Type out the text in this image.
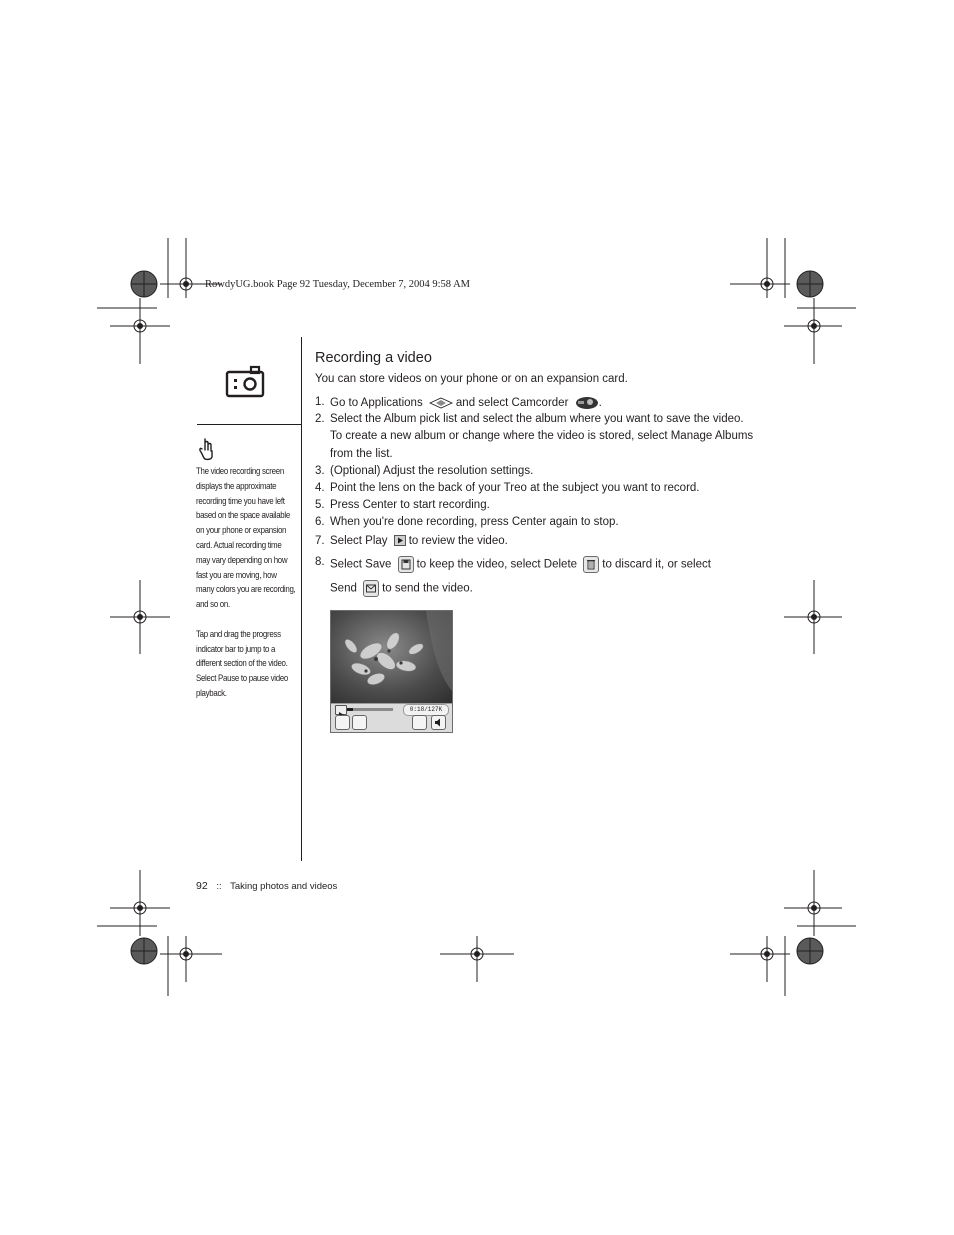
RowdyUG.book Page 92 Tuesday, December 7, 2004 9:58 AM

The video recording screen displays the approximate recording time you have left based on the space available on your phone or expansion card. Actual recording time may vary depending on how fast you are moving, how many colors you are recording, and so on.

Tap and drag the progress indicator bar to jump to a different section of the video. Select Pause to pause video playback.

Recording a video
You can store videos on your phone or on an expansion card.
1. Go to Applications	and select Camcorder	.
2. Select the Album pick list and select the album where you want to save the video.
To create a new album or change where the video is stored, select Manage Albums
from the list.
3. (Optional) Adjust the resolution settings.
4. Point the lens on the back of your Treo at the subject you want to record.
5. Press Center to start recording.
6. When you're done recording, press Center again to stop.
7. Select Play to review the video.
8. Select Save to keep the video, select Delete to discard it, or select
Send to send the video.
0:18/127K
92 :: Taking photos and videos
